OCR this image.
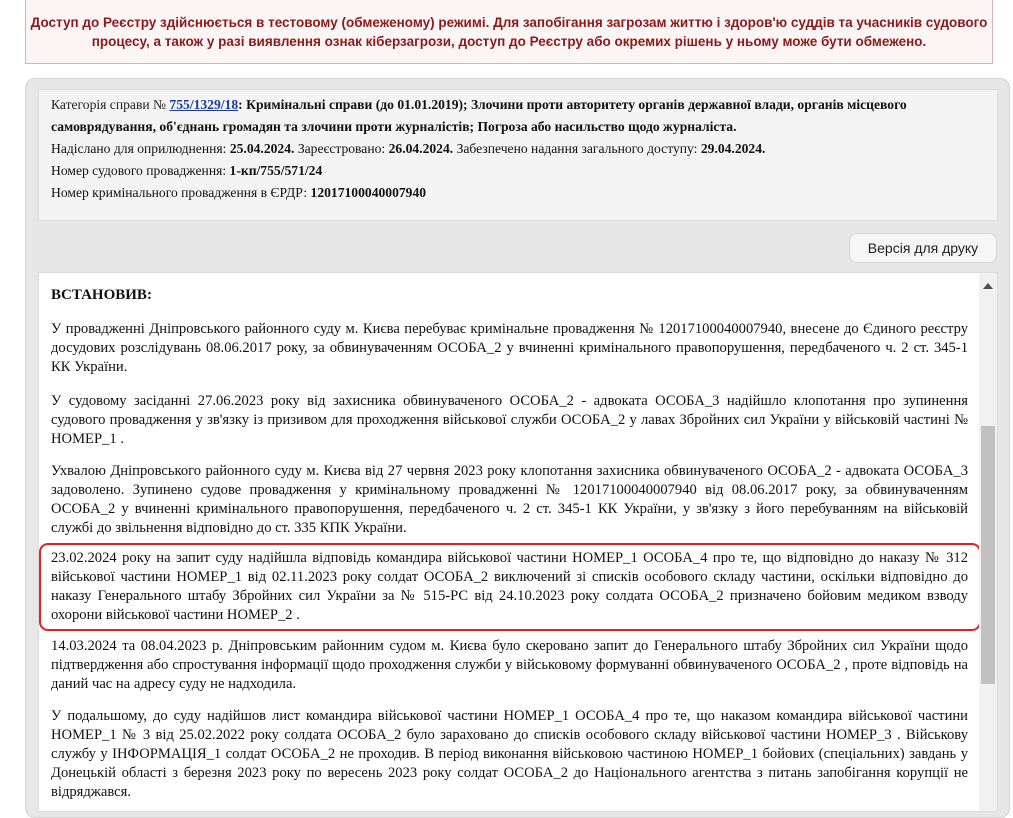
Доступ до Реєстру здійснюється в тестовому (обмеженому) режимі. Для запобігання загрозам життю і здоров'ю суддів та учасників судового
процесу, а також у разі виявлення ознак кіберзагрози, доступ до Реєстру або окремих рішень у ньому може бути обмежено.
Категорія справи № 755/1329/18: Кримінальні справи (до 01.01.2019); Злочини проти авторитету органів державної влади, органів місцевого
самоврядування, об'єднань громадян та злочини проти журналістів; Погроза або насильство щодо журналіста.
Надіслано для оприлюднення: 25.04.2024. Зареєстровано: 26.04.2024. Забезпечено надання загального доступу: 29.04.2024.
Номер судового провадження: 1-кп/755/571/24
Номер кримінального провадження в ЄРДР: 12017100040007940
Версія для друку
ВСТАНОВИВ:
У провадженні Дніпровського районного суду м. Києва перебуває кримінальне провадження № 12017100040007940, внесене до Єдиного реєстру досудових розслідувань 08.06.2017 року, за обвинуваченням ОСОБА_2 у вчиненні кримінального правопорушення, передбаченого ч. 2 ст. 345-1 КК України.
У судовому засіданні 27.06.2023 року від захисника обвинуваченого ОСОБА_2 - адвоката ОСОБА_3 надійшло клопотання про зупинення судового провадження у зв'язку із призивом для проходження військової служби ОСОБА_2 у лавах Збройних сил України у військовій частині № НОМЕР_1 .
Ухвалою Дніпровського районного суду м. Києва від 27 червня 2023 року клопотання захисника обвинуваченого ОСОБА_2 - адвоката ОСОБА_3 задоволено. Зупинено судове провадження у кримінальному провадженні № 12017100040007940 від 08.06.2017 року, за обвинуваченням ОСОБА_2 у вчиненні кримінального правопорушення, передбаченого ч. 2 ст. 345-1 КК України, у зв'язку з його перебуванням на військовій службі до звільнення відповідно до ст. 335 КПК України.
23.02.2024 року на запит суду надійшла відповідь командира військової частини НОМЕР_1 ОСОБА_4 про те, що відповідно до наказу № 312 військової частини НОМЕР_1 від 02.11.2023 року солдат ОСОБА_2 виключений зі списків особового складу частини, оскільки відповідно до наказу Генерального штабу Збройних сил України за № 515-РС від 24.10.2023 року солдата ОСОБА_2 призначено бойовим медиком взводу охорони військової частини НОМЕР_2 .
14.03.2024 та 08.04.2023 р. Дніпровським районним судом м. Києва було скеровано запит до Генерального штабу Збройних сил України щодо підтвердження або спростування інформації щодо проходження служби у військовому формуванні обвинуваченого ОСОБА_2 , проте відповідь на даний час на адресу суду не надходила.
У подальшому, до суду надійшов лист командира військової частини НОМЕР_1 ОСОБА_4 про те, що наказом командира військової частини НОМЕР_1 № 3 від 25.02.2022 року солдата ОСОБА_2 було зараховано до списків особового складу військової частини НОМЕР_3 . Військову службу у ІНФОРМАЦІЯ_1 солдат ОСОБА_2 не проходив. В період виконання військовою частиною НОМЕР_1 бойових (спеціальних) завдань у Донецькій області з березня 2023 року по вересень 2023 року солдат ОСОБА_2 до Національного агентства з питань запобігання корупції не відряджався.
